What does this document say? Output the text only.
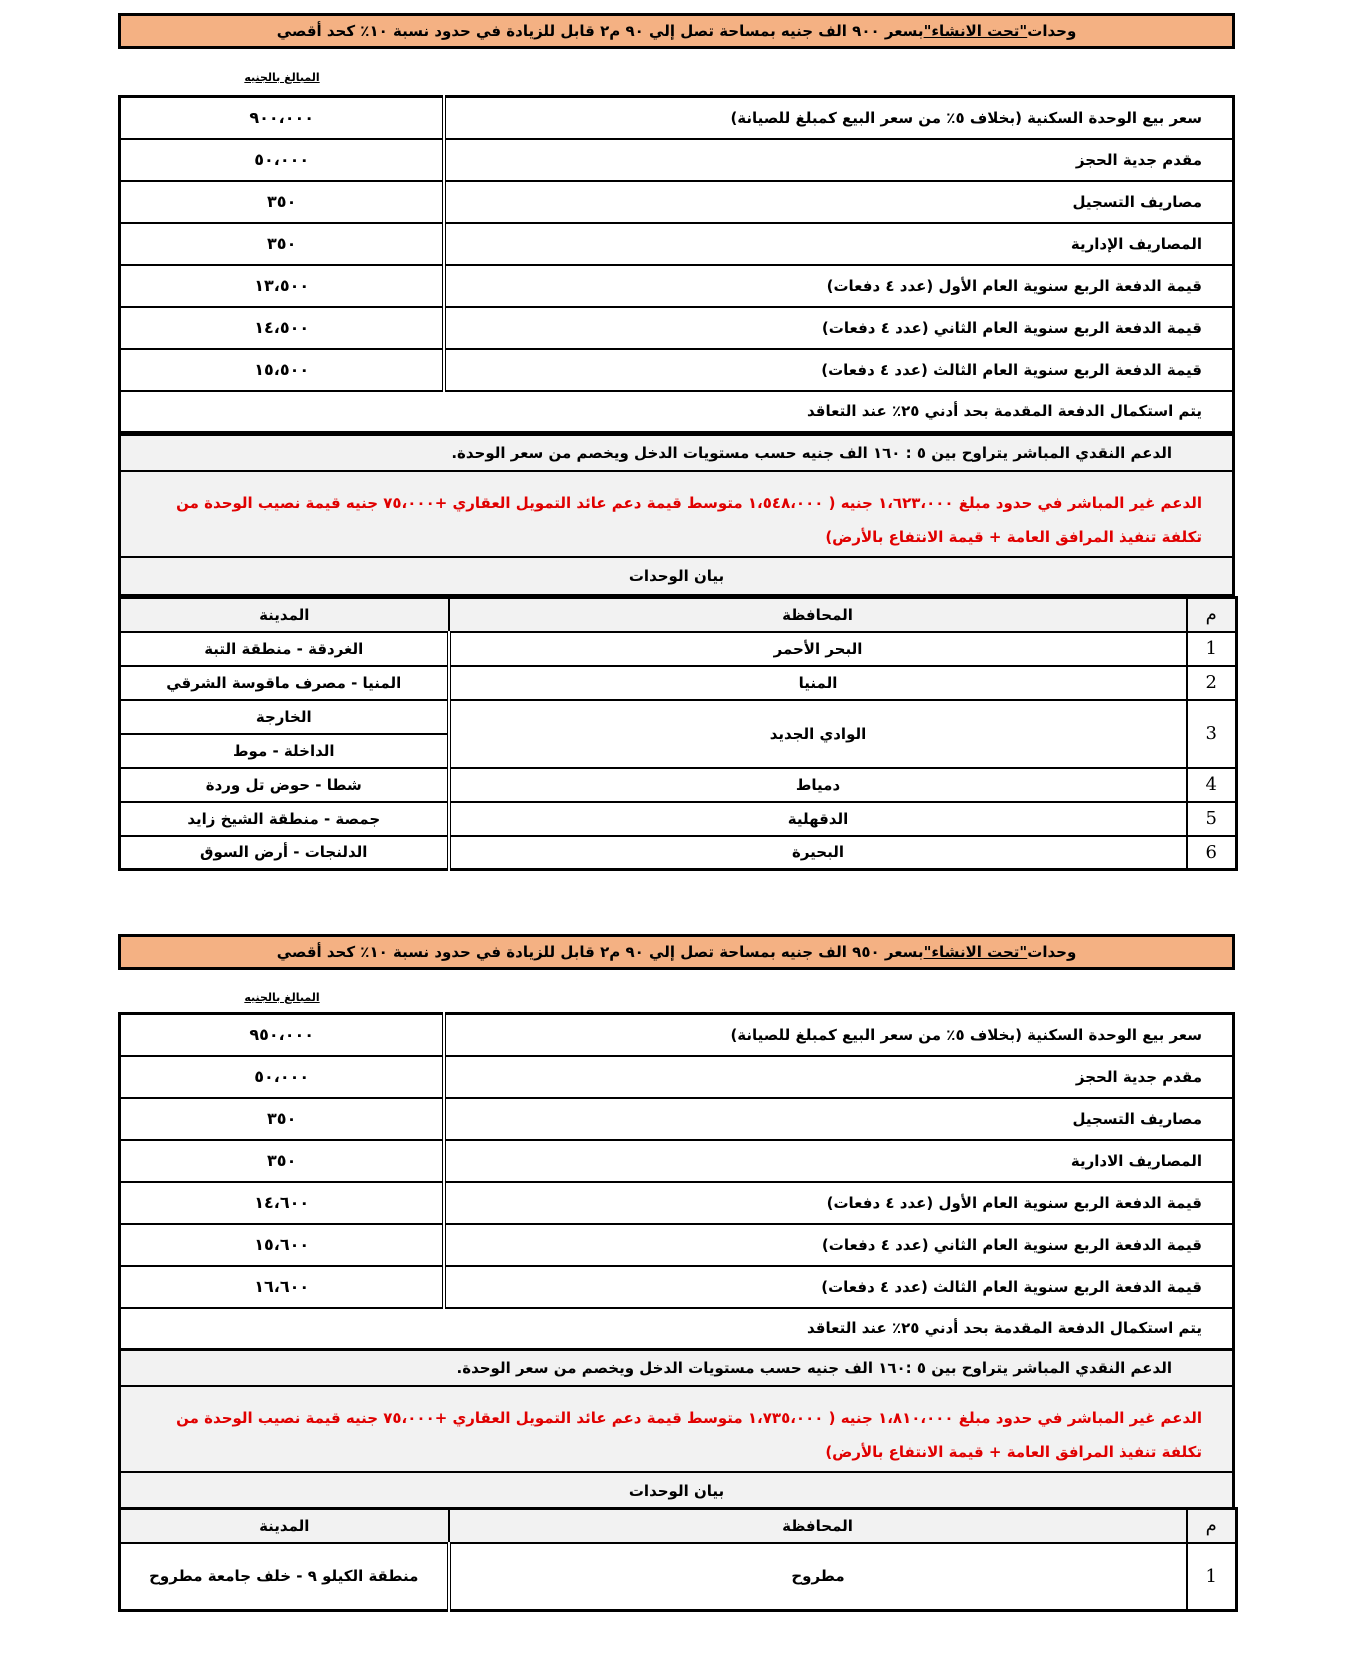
وحدات
"تحت الانشاء"
بسعر ٩٠٠ الف جنيه بمساحة تصل إلي ٩٠ م٢ قابل للزيادة في حدود نسبة ١٠٪ كحد أقصي
المبالغ بالجنيه
سعر بيع الوحدة السكنية (بخلاف ٥٪ من سعر البيع كمبلغ للصيانة)	٩٠٠،٠٠٠
مقدم جدية الحجز	٥٠،٠٠٠
مصاريف التسجيل	٣٥٠
المصاريف الإدارية	٣٥٠
قيمة الدفعة الربع سنوية العام الأول (عدد ٤ دفعات)	١٣،٥٠٠
قيمة الدفعة الربع سنوية العام الثاني (عدد ٤ دفعات)	١٤،٥٠٠
قيمة الدفعة الربع سنوية العام الثالث (عدد ٤ دفعات)	١٥،٥٠٠
يتم استكمال الدفعة المقدمة بحد أدني ٢٥٪ عند التعاقد	
الدعم النقدي المباشر يتراوح بين ٥ : ١٦٠ الف جنيه حسب مستويات الدخل ويخصم من سعر الوحدة.
الدعم غير المباشر في حدود مبلغ ١،٦٢٣،٠٠٠ جنيه ( ١،٥٤٨،٠٠٠ متوسط قيمة دعم عائد التمويل العقاري +٧٥،٠٠٠ جنيه قيمة نصيب الوحدة من تكلفة تنفيذ المرافق العامة + قيمة الانتفاع بالأرض)
بيان الوحدات
م	المحافظة	المدينة
1	البحر الأحمر	الغردقة - منطقة التبة
2	المنيا	المنيا - مصرف ماقوسة الشرقي
3	الوادي الجديد	الخارجة
		الداخلة - موط
4	دمياط	شطا - حوض تل وردة
5	الدقهلية	جمصة - منطقة الشيخ زايد
6	البحيرة	الدلنجات - أرض السوق
وحدات
"تحت الانشاء"
بسعر ٩٥٠ الف جنيه بمساحة تصل إلي ٩٠ م٢ قابل للزيادة في حدود نسبة ١٠٪ كحد أقصي
المبالغ بالجنيه
سعر بيع الوحدة السكنية (بخلاف ٥٪ من سعر البيع كمبلغ للصيانة)	٩٥٠،٠٠٠
مقدم جدية الحجز	٥٠،٠٠٠
مصاريف التسجيل	٣٥٠
المصاريف الادارية	٣٥٠
قيمة الدفعة الربع سنوية العام الأول (عدد ٤ دفعات)	١٤،٦٠٠
قيمة الدفعة الربع سنوية العام الثاني (عدد ٤ دفعات)	١٥،٦٠٠
قيمة الدفعة الربع سنوية العام الثالث (عدد ٤ دفعات)	١٦،٦٠٠
يتم استكمال الدفعة المقدمة بحد أدني ٢٥٪ عند التعاقد	
الدعم النقدي المباشر يتراوح بين ٥ :١٦٠ الف جنيه حسب مستويات الدخل ويخصم من سعر الوحدة.
الدعم غير المباشر في حدود مبلغ ١،٨١٠،٠٠٠ جنيه ( ١،٧٣٥،٠٠٠ متوسط قيمة دعم عائد التمويل العقاري +٧٥،٠٠٠ جنيه قيمة نصيب الوحدة من تكلفة تنفيذ المرافق العامة + قيمة الانتفاع بالأرض)
بيان الوحدات
م	المحافظة	المدينة
1	مطروح	منطقة الكيلو ٩ - خلف جامعة مطروح
